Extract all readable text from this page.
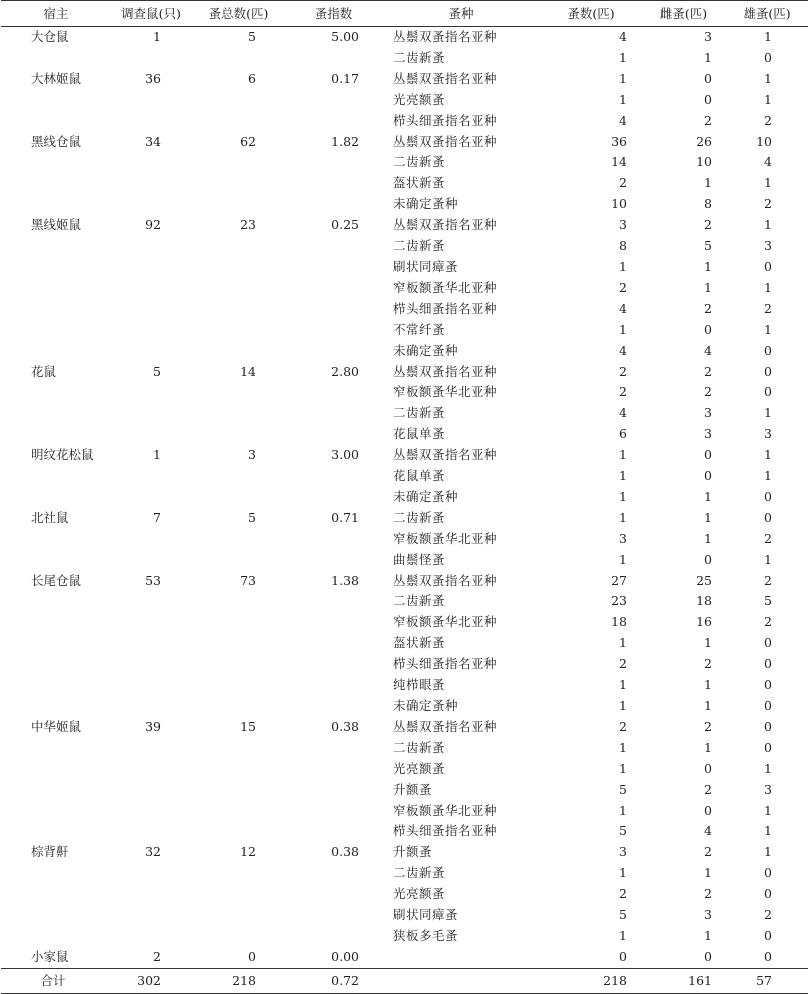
宿主	调查鼠(只)	蚤总数(匹)	蚤指数	蚤种	蚤数(匹)	雌蚤(匹)	雄蚤(匹)
大仓鼠	1	5	5.00	丛鬃双蚤指名亚种	4	3	1
				二齿新蚤	1	1	0
大林姬鼠	36	6	0.17	丛鬃双蚤指名亚种	1	0	1
				光亮额蚤	1	0	1
				栉头细蚤指名亚种	4	2	2
黑线仓鼠	34	62	1.82	丛鬃双蚤指名亚种	36	26	10
				二齿新蚤	14	10	4
				盔状新蚤	2	1	1
				未确定蚤种	10	8	2
黑线姬鼠	92	23	0.25	丛鬃双蚤指名亚种	3	2	1
				二齿新蚤	8	5	3
				刷状同瘴蚤	1	1	0
				窄板额蚤华北亚种	2	1	1
				栉头细蚤指名亚种	4	2	2
				不常纤蚤	1	0	1
				未确定蚤种	4	4	0
花鼠	5	14	2.80	丛鬃双蚤指名亚种	2	2	0
				窄板额蚤华北亚种	2	2	0
				二齿新蚤	4	3	1
				花鼠单蚤	6	3	3
明纹花松鼠	1	3	3.00	丛鬃双蚤指名亚种	1	0	1
				花鼠单蚤	1	0	1
				未确定蚤种	1	1	0
北社鼠	7	5	0.71	二齿新蚤	1	1	0
				窄板额蚤华北亚种	3	1	2
				曲鬃怪蚤	1	0	1
长尾仓鼠	53	73	1.38	丛鬃双蚤指名亚种	27	25	2
				二齿新蚤	23	18	5
				窄板额蚤华北亚种	18	16	2
				盔状新蚤	1	1	0
				栉头细蚤指名亚种	2	2	0
				纯栉眼蚤	1	1	0
				未确定蚤种	1	1	0
中华姬鼠	39	15	0.38	丛鬃双蚤指名亚种	2	2	0
				二齿新蚤	1	1	0
				光亮额蚤	1	0	1
				升额蚤	5	2	3
				窄板额蚤华北亚种	1	0	1
				栉头细蚤指名亚种	5	4	1
棕背鼾	32	12	0.38	升额蚤	3	2	1
				二齿新蚤	1	1	0
				光亮额蚤	2	2	0
				刷状同瘴蚤	5	3	2
				狭板多毛蚤	1	1	0
小家鼠	2	0	0.00		0	0	0
合计	302	218	0.72		218	161	57
